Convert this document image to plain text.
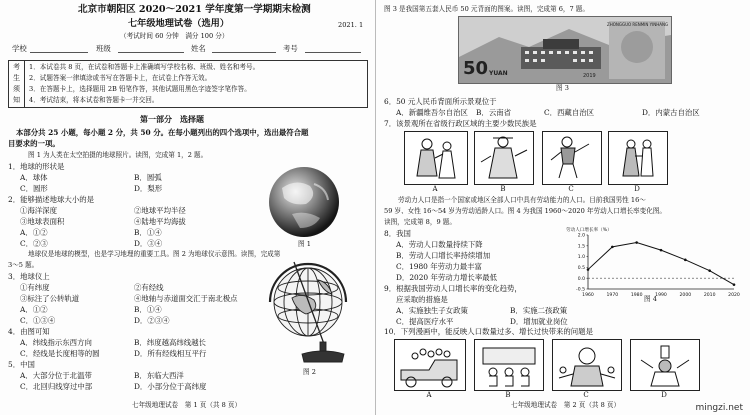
北京市朝阳区 2020～2021 学年度第一学期期末检测
七年级地理试卷（选用）	2021. 1
（考试时间 60 分钟　满分 100 分）
学校	班级	姓名	考号
考
生
须
知
1．本试卷共 8 页，在试卷和答题卡上准确填写学校名称、班级、姓名和考号。
2．试题答案一律填涂或书写在答题卡上，在试卷上作答无效。
3．在答题卡上，选择题用 2B 铅笔作答，其他试题用黑色字迹签字笔作答。
4．考试结束，将本试卷和答题卡一并交回。
第一部分　选择题
本部分共 25 小题，每小题 2 分，共 50 分。在每小题列出的四个选项中，选出最符合题
目要求的一项。
图 1 为人类在太空拍摄的地球照片。读图，完成第 1，2 题。
1．地球的形状是
A．球体	B．圆弧
C．圆形	D．梨形
2．能够描述地球大小的是
①海洋深度	②地球平均半径
③地球表面积	④陆地平均海拔
A．①②	B．①④
C．②③	D．③④	图 1
地球仪是地球的模型，也是学习地理的重要工具。图 2 为地球仪示意图。读图，完成第
3～5 题。
3．地球仪上
①有纬度	②有经线
③标注了公转轨道	④地轴与赤道面交汇于南北极点
A．①②	B．①④
C．①③④	D．②③④
4．由图可知
A．纬线指示东西方向	B．纬度越高纬线越长
C．经线是长度相等的圆	D．所有经线相互平行
5．中国
A．大部分位于北温带	B．东临大西洋
C．北回归线穿过中部	D．小部分位于高纬度
图 2
七年级地理试卷　第 1 页（共 8 页）
图 3 是我国第五套人民币 50 元背面的图案。读图，完成第 6，7 题。
50 YUAN
ZHONGGUO RENMIN YINHANG
2019
图 3
6．50 元人民币背面所示景观位于
A．新疆维吾尔自治区 B．云南省	C．西藏自治区	D．内蒙古自治区
7．该景观所在省级行政区域的主要少数民族是
A	B	C	D
劳动力人口是指一个国家或地区全部人口中具有劳动能力的人口。目前我国男性 16～
59 岁、女性 16～54 岁为劳动适龄人口。图 4 为我国 1960～2020 年劳动人口增长率变化图。
读图，完成第 8，9 题。
8．我国
A．劳动人口数量持续下降
B．劳动人口增长率持续增加
C．1980 年劳动力最丰富
D．2020 年劳动力增长率最低
9．根据我国劳动人口增长率的变化趋势，
应采取的措施是
A．实施独生子女政策	B．实施二孩政策
C．提高医疗水平	D．增加就业岗位
劳动人口增长率（%）
-0.5
0.0
0.5
1.0
1.5
2.0
1960	1970	1980	1990	2000	2010	2020
图 4
10．下列漫画中，能反映人口数量过多、增长过快带来的问题是
A	B	C	D
七年级地理试卷　第 2 页（共 8 页）	mingzi.net
